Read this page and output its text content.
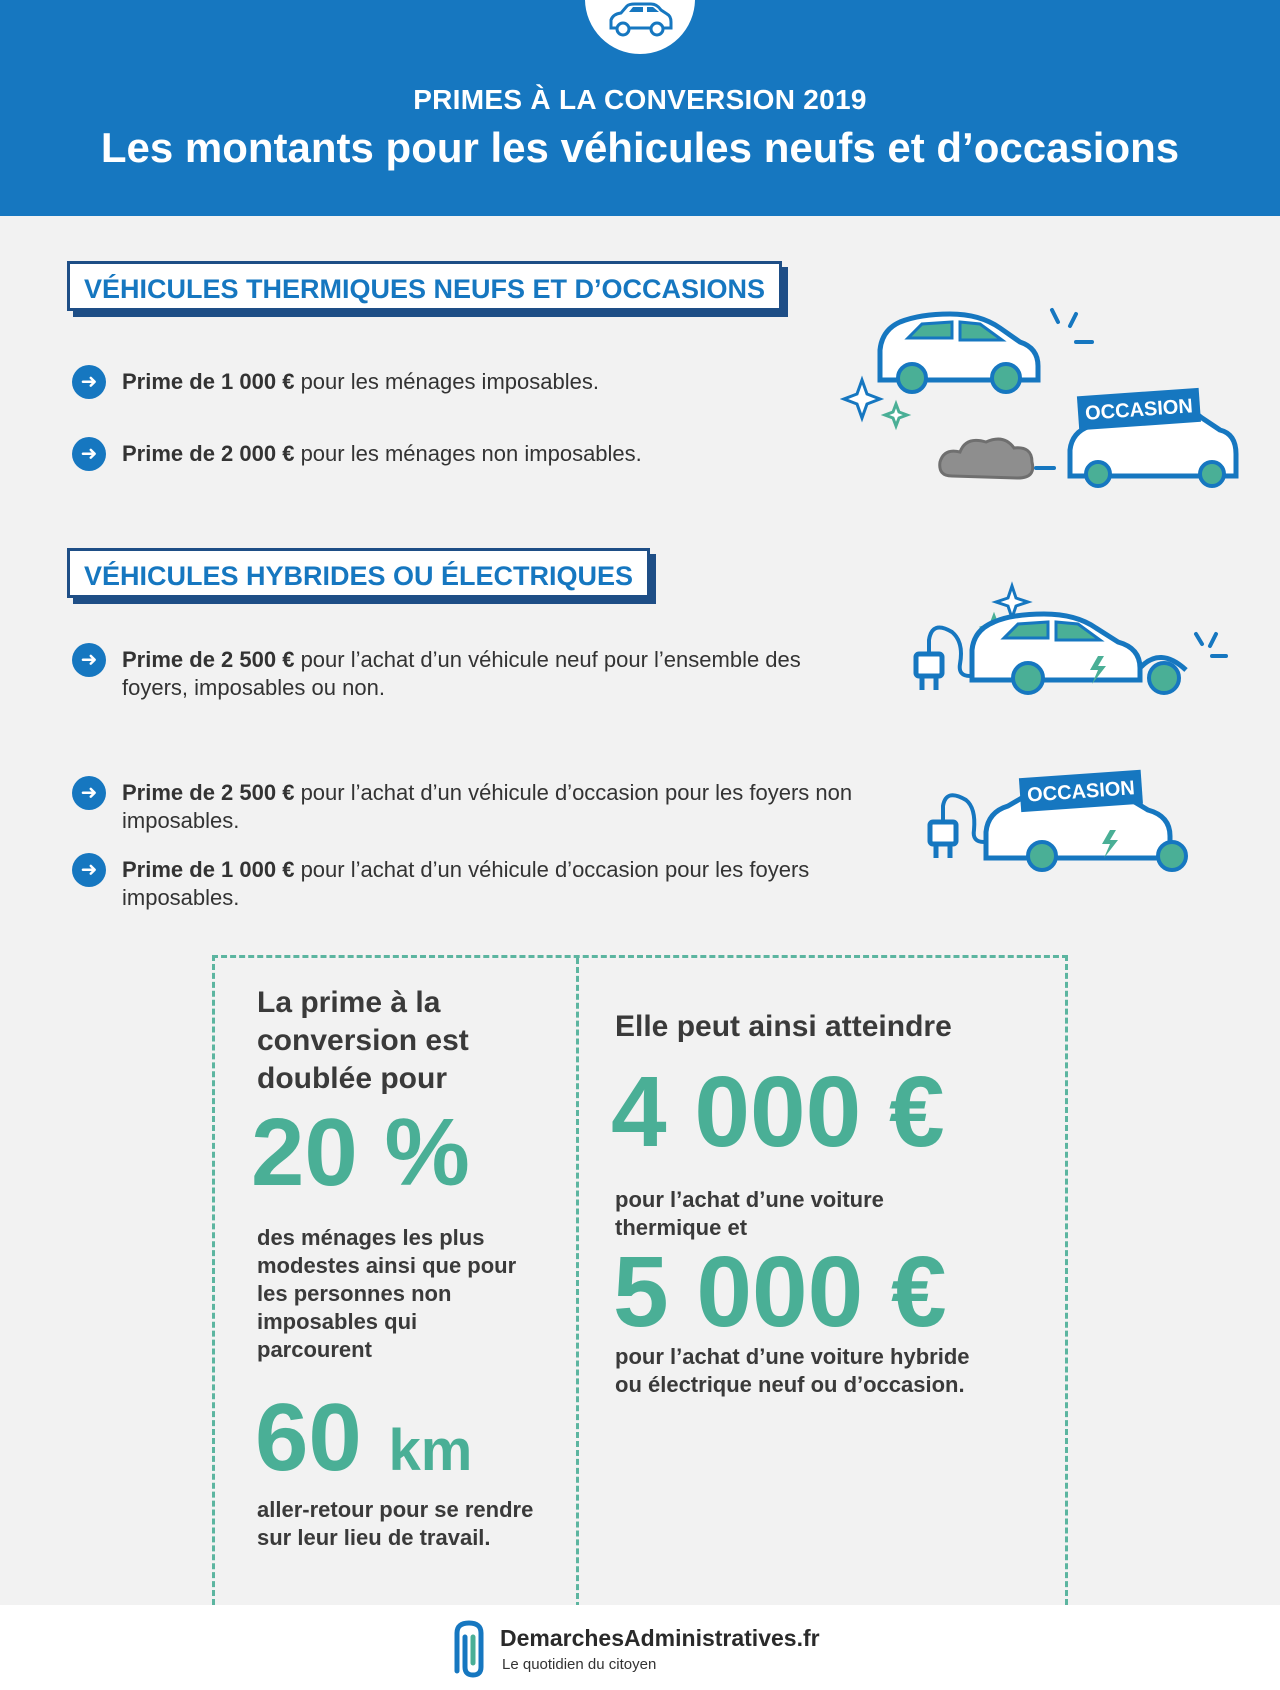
PRIMES À LA CONVERSION 2019
Les montants pour les véhicules neufs et d’occasions
VÉHICULES THERMIQUES NEUFS ET D’OCCASIONS
➜	Prime de 1 000 € pour les ménages imposables.
➜	Prime de 2 000 € pour les ménages non imposables.
OCCASION
VÉHICULES HYBRIDES OU ÉLECTRIQUES
➜	Prime de 2 500 € pour l’achat d’un véhicule neuf pour l’ensemble des foyers, imposables ou non.
➜	Prime de 2 500 € pour l’achat d’un véhicule d’occasion pour les foyers non imposables.
➜	Prime de 1 000 € pour l’achat d’un véhicule d’occasion pour les foyers imposables.
OCCASION
La prime à la conversion est doublée pour
20 %
des ménages les plus modestes ainsi que pour les personnes non imposables qui parcourent
60 km
aller-retour pour se rendre sur leur lieu de travail.
Elle peut ainsi atteindre
4 000 €
pour l’achat d’une voiture thermique et
5 000 €
pour l’achat d’une voiture hybride ou électrique neuf ou d’occasion.
DemarchesAdministratives.fr
Le quotidien du citoyen
